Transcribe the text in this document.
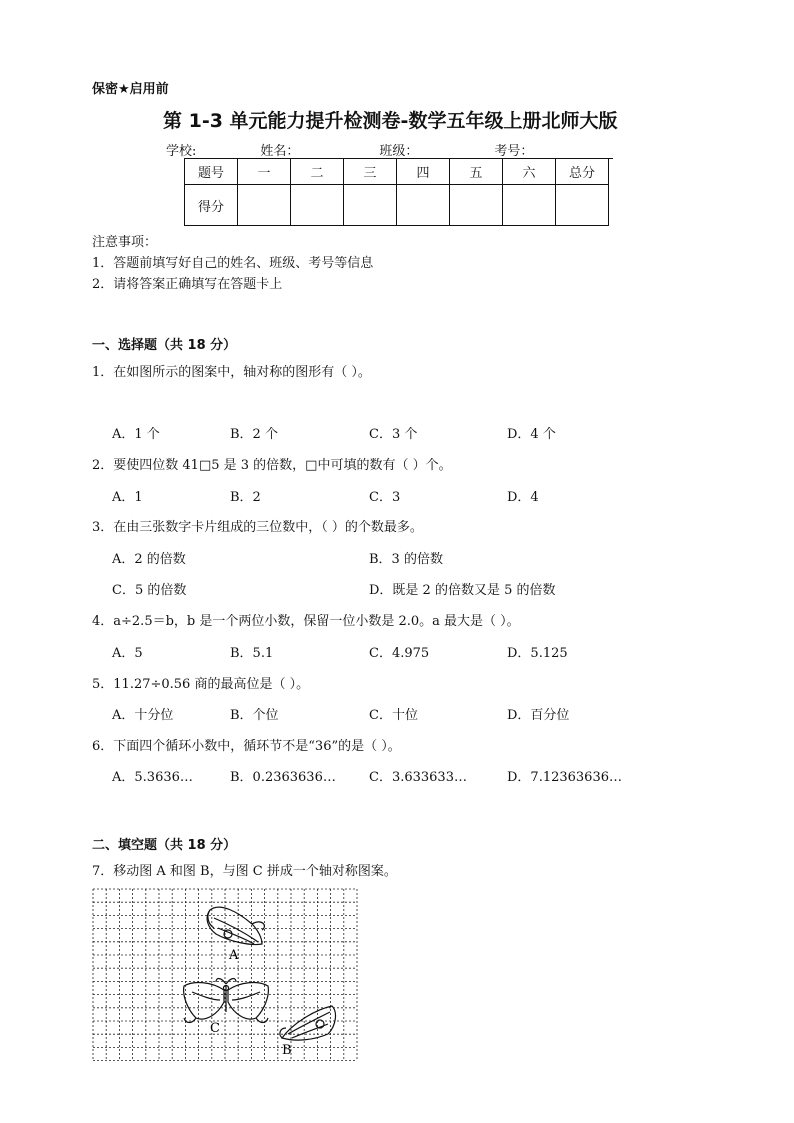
保密★启用前
第 1-3 单元能力提升检测卷-数学五年级上册北师大版
学校:	姓名：	班级：	考号：
题号	一	二	三	四	五	六	总分
得分							
注意事项：
1．答题前填写好自己的姓名、班级、考号等信息
2．请将答案正确填写在答题卡上
一、选择题（共 18 分）
1．在如图所示的图案中，轴对称的图形有（ ）。
A．1 个	B．2 个	C．3 个	D．4 个
2．要使四位数 41□5 是 3 的倍数，□中可填的数有（ ）个。
A．1	B．2	C．3	D．4
3．在由三张数字卡片组成的三位数中，（ ）的个数最多。
A．2 的倍数	B．3 的倍数
C．5 的倍数	D．既是 2 的倍数又是 5 的倍数
4．a÷2.5＝b，b 是一个两位小数，保留一位小数是 2.0。a 最大是（ ）。
A．5	B．5.1	C．4.975	D．5.125
5．11.27÷0.56 商的最高位是（ ）。
A．十分位	B．个位	C．十位	D．百分位
6．下面四个循环小数中，循环节不是“36”的是（ ）。
A．5.3636…	B．0.2363636…	C．3.633633…	D．7.12363636…
二、填空题（共 18 分）
7．移动图 A 和图 B，与图 C 拼成一个轴对称图案。
A
C
B
